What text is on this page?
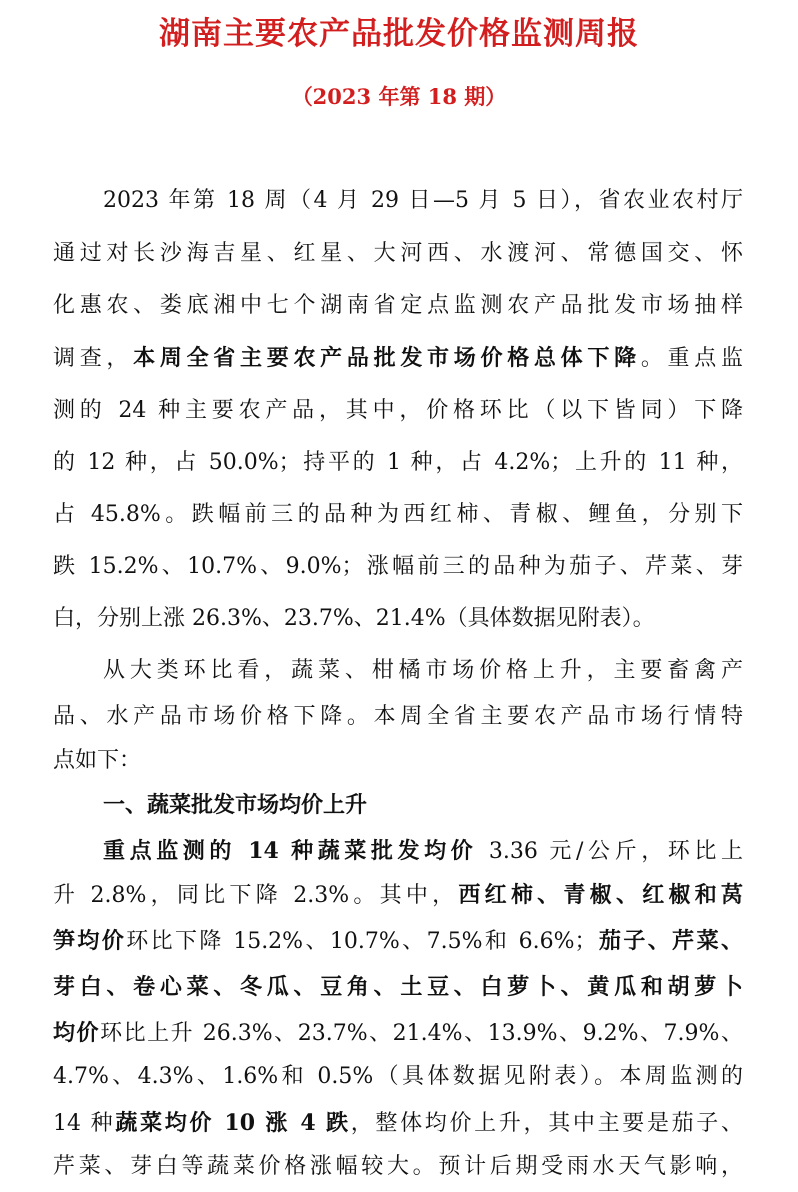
湖南主要农产品批发价格监测周报
（2023 年第 18 期）
2023 年第 18 周（4 月 29 日—5 月 5 日），省农业农村厅
通过对长沙海吉星、红星、大河西、水渡河、常德国交、怀
化惠农、娄底湘中七个湖南省定点监测农产品批发市场抽样
调查，本周全省主要农产品批发市场价格总体下降。重点监
测的 24 种主要农产品，其中，价格环比（以下皆同）下降
的 12 种，占 50.0%；持平的 1 种，占 4.2%；上升的 11 种，
占 45.8%。跌幅前三的品种为西红柿、青椒、鲤鱼，分别下
跌 15.2%、10.7%、9.0%；涨幅前三的品种为茄子、芹菜、芽
白，分别上涨 26.3%、23.7%、21.4%（具体数据见附表）。
从大类环比看，蔬菜、柑橘市场价格上升，主要畜禽产
品、水产品市场价格下降。本周全省主要农产品市场行情特
点如下：
一、蔬菜批发市场均价上升
重点监测的 14 种蔬菜批发均价 3.36 元/公斤，环比上
升 2.8%，同比下降 2.3%。其中，西红柿、青椒、红椒和莴
笋均价环比下降 15.2%、10.7%、7.5%和 6.6%；茄子、芹菜、
芽白、卷心菜、冬瓜、豆角、土豆、白萝卜、黄瓜和胡萝卜
均价环比上升 26.3%、23.7%、21.4%、13.9%、9.2%、7.9%、
4.7%、4.3%、1.6%和 0.5%（具体数据见附表）。本周监测的
14 种蔬菜均价 10 涨 4 跌，整体均价上升，其中主要是茄子、
芹菜、芽白等蔬菜价格涨幅较大。预计后期受雨水天气影响，
